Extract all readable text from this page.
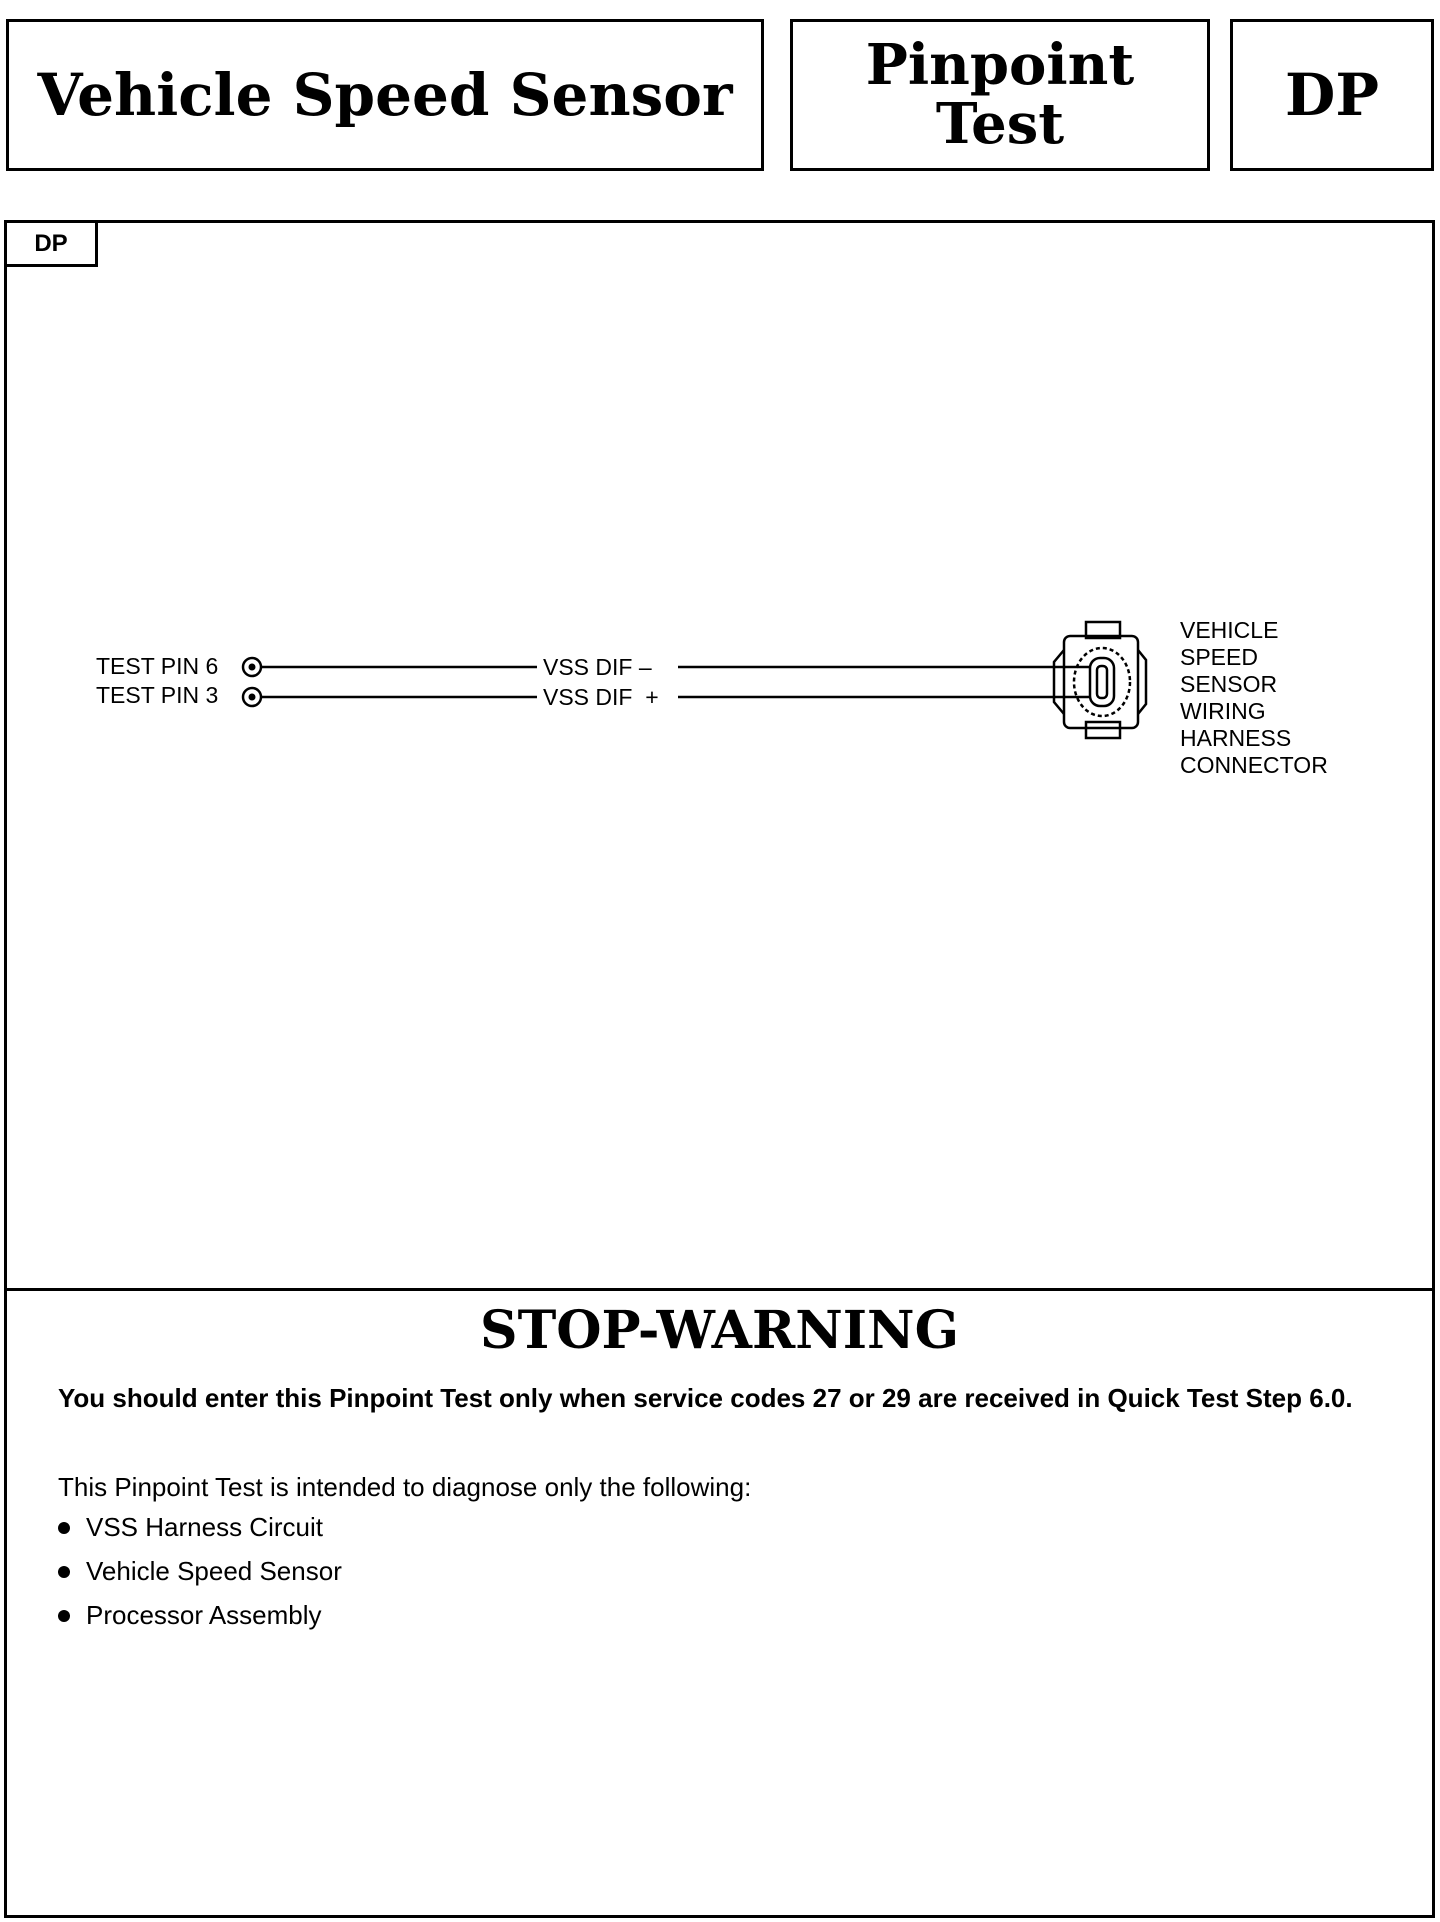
Vehicle Speed Sensor Pinpoint
Test	DP
DP
TEST PIN 6
TEST PIN 3
VSS DIF –
VSS DIF  +
VEHICLE
SPEED
SENSOR
WIRING
HARNESS
CONNECTOR
STOP-WARNING

You should enter this Pinpoint Test only when service codes 27 or 29 are received in Quick Test Step 6.0.

This Pinpoint Test is intended to diagnose only the following:

VSS Harness Circuit
Vehicle Speed Sensor
Processor Assembly
